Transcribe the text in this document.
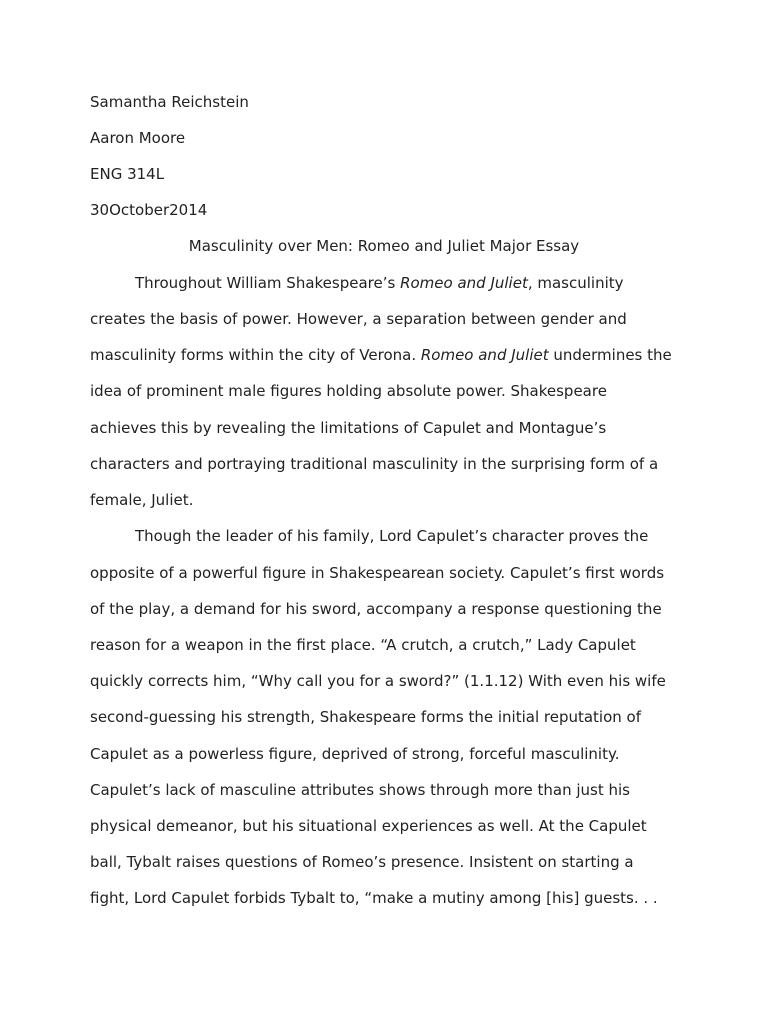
Samantha Reichstein
Aaron Moore
ENG 314L
30October2014
Masculinity over Men: Romeo and Juliet Major Essay
Throughout William Shakespeare’s Romeo and Juliet, masculinity
creates the basis of power. However, a separation between gender and
masculinity forms within the city of Verona. Romeo and Juliet undermines the
idea of prominent male figures holding absolute power. Shakespeare
achieves this by revealing the limitations of Capulet and Montague’s
characters and portraying traditional masculinity in the surprising form of a
female, Juliet.
Though the leader of his family, Lord Capulet’s character proves the
opposite of a powerful figure in Shakespearean society. Capulet’s first words
of the play, a demand for his sword, accompany a response questioning the
reason for a weapon in the first place. “A crutch, a crutch,” Lady Capulet
quickly corrects him, “Why call you for a sword?” (1.1.12) With even his wife
second-guessing his strength, Shakespeare forms the initial reputation of
Capulet as a powerless figure, deprived of strong, forceful masculinity.
Capulet’s lack of masculine attributes shows through more than just his
physical demeanor, but his situational experiences as well. At the Capulet
ball, Tybalt raises questions of Romeo’s presence. Insistent on starting a
fight, Lord Capulet forbids Tybalt to, “make a mutiny among [his] guests. . .
